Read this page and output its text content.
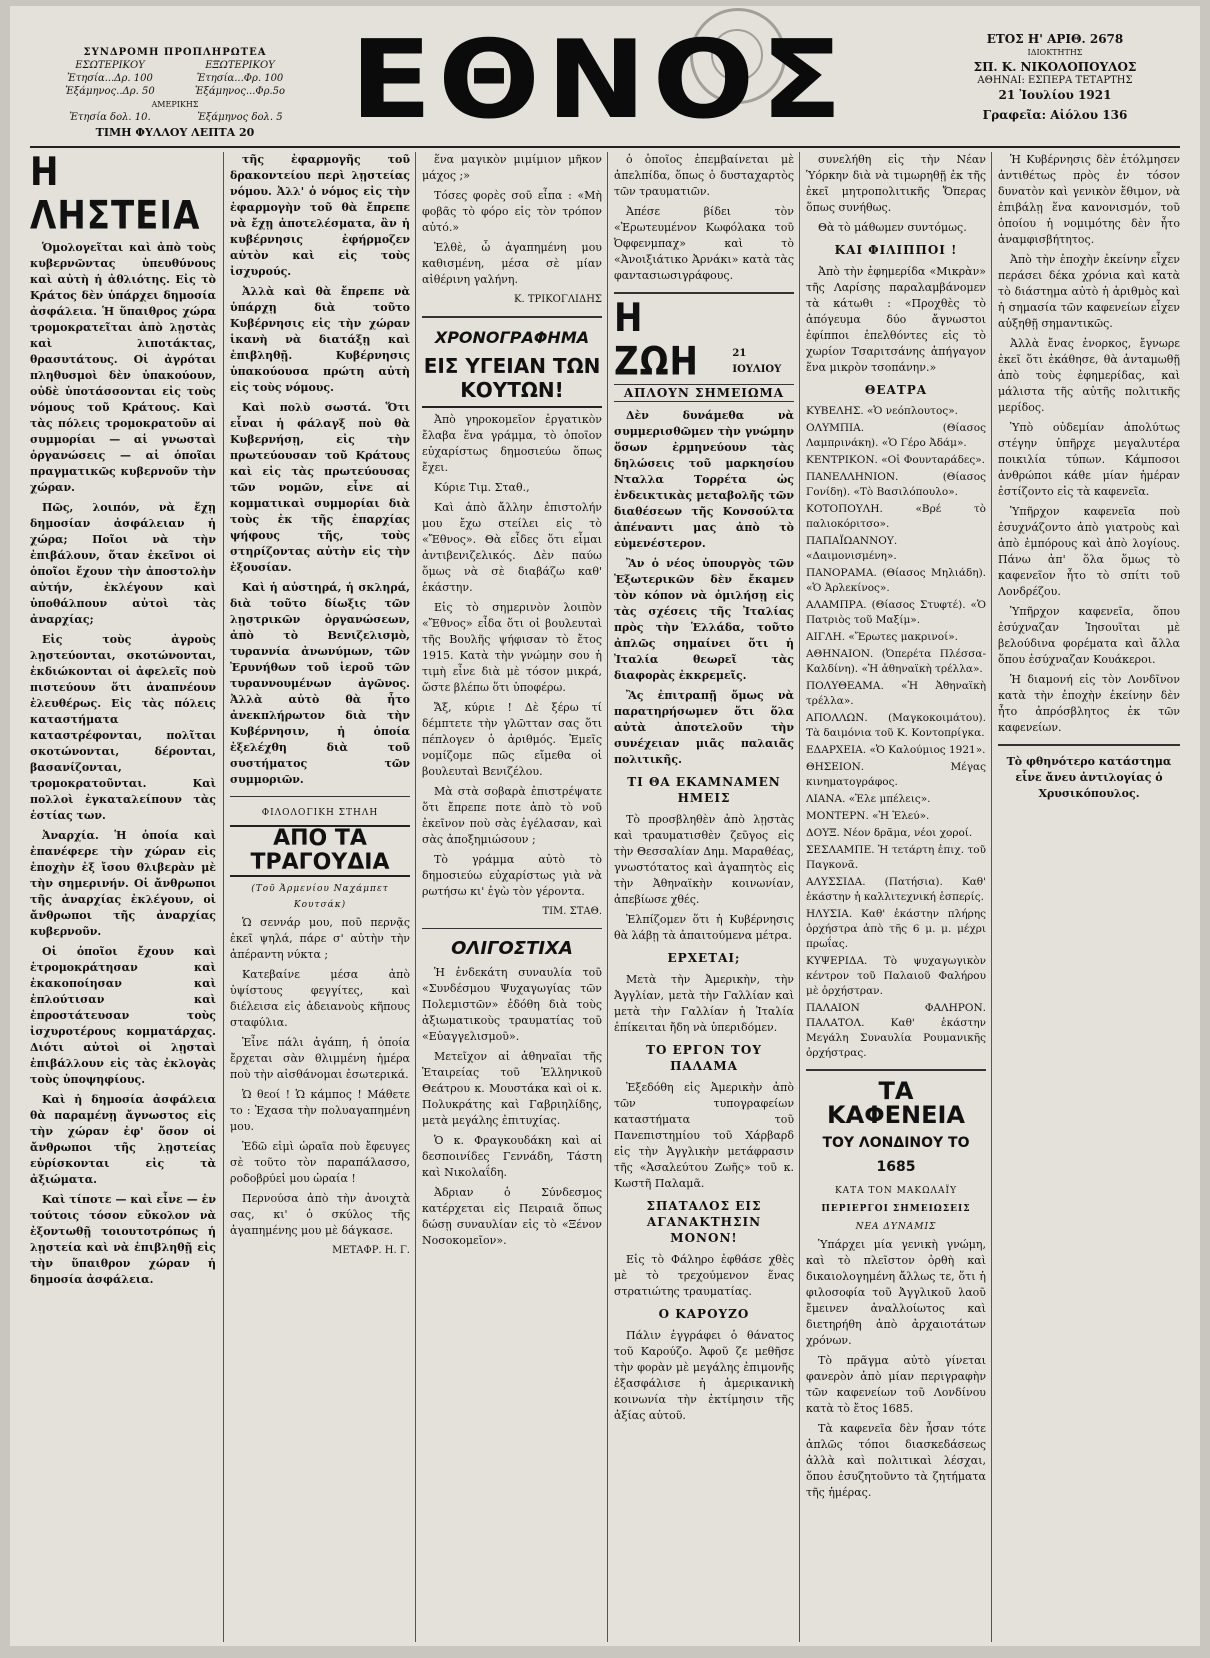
ΣΥΝΔΡΟΜΗ ΠΡΟΠΛΗΡΩΤΕΑ
ΕΣΩΤΕΡΙΚΟΥ	ΕΞΩΤΕΡΙΚΟΥ
Ἐτησία...Δρ. 100	Ἐτησία...Φρ. 100
Ἑξάμηνος..Δρ. 50	Ἑξάμηνος...Φρ.5ο
ΑΜΕΡΙΚΗΣ
Ἐτησία δολ. 10.	Ἑξάμηνος δολ. 5
ΤΙΜΗ ΦΥΛΛΟΥ ΛΕΠΤΑ 20 ΕΘΝΟΣ	ΕΤΟΣ Η' ΑΡΙΘ. 2678
ΙΔΙΟΚΤΗΤΗΣ
ΣΠ. Κ. ΝΙΚΟΛΟΠΟΥΛΟΣ
ΑΘΗΝΑΙ: ΕΣΠΕΡΑ ΤΕΤΑΡΤΗΣ
21 Ἰουλίου 1921
Γραφεῖα: Αἰόλου 136
Η ΛΗΣΤΕΙΑ

Ὁμολογεῖται καὶ ἀπὸ τοὺς κυβερνῶντας ὑπευθύνους καὶ αὐτὴ ἡ ἀθλιότης. Εἰς τὸ Κράτος δὲν ὑπάρχει δημοσία ἀσφάλεια. Ἡ ὕπαιθρος χώρα τρομοκρατεῖται ἀπὸ λῃστὰς καὶ λιποτάκτας, θρασυτάτους. Οἱ ἀγρόται πληθυσμοὶ δὲν ὑπακούουν, οὐδὲ ὑποτάσσονται εἰς τοὺς νόμους τοῦ Κράτους. Καὶ τὰς πόλεις τρομοκρατοῦν αἱ συμμορίαι — αἱ γνωσταὶ ὀργανώσεις — αἱ ὁποῖαι πραγματικῶς κυβερνοῦν τὴν χώραν.

Πῶς, λοιπόν, νὰ ἔχῃ δημοσίαν ἀσφάλειαν ἡ χώρα; Ποῖοι νὰ τὴν ἐπιβάλουν, ὅταν ἐκεῖνοι οἱ ὁποῖοι ἔχουν τὴν ἀποστολὴν αὐτήν, ἐκλέγουν καὶ ὑποθάλπουν αὐτοὶ τὰς ἀναρχίας;

Εἰς τοὺς ἀγροὺς λῃστεύονται, σκοτώνονται, ἐκδιώκονται οἱ ἀφελεῖς ποὺ πιστεύουν ὅτι ἀναπνέουν ἐλευθέρως. Εἰς τὰς πόλεις καταστήματα καταστρέφονται, πολῖται σκοτώνονται, δέρονται, βασανίζονται, τρομοκρατοῦνται. Καὶ πολλοὶ ἐγκαταλείπουν τὰς ἑστίας των.

Ἀναρχία. Ἡ ὁποία καὶ ἐπανέφερε τὴν χώραν εἰς ἐποχὴν ἐξ ἴσου θλιβερὰν μὲ τὴν σημερινήν. Οἱ ἄνθρωποι τῆς ἀναρχίας ἐκλέγουν, οἱ ἄνθρωποι τῆς ἀναρχίας κυβερνοῦν.

Οἱ ὁποῖοι ἔχουν καὶ ἐτρομοκράτησαν καὶ ἐκακοποίησαν καὶ ἐπλούτισαν καὶ ἐπροστάτευσαν τοὺς ἰσχυροτέρους κομματάρχας. Διότι αὐτοὶ οἱ λῃσταὶ ἐπιβάλλουν εἰς τὰς ἐκλογὰς τοὺς ὑποψηφίους.

Καὶ ἡ δημοσία ἀσφάλεια θὰ παραμένῃ ἄγνωστος εἰς τὴν χώραν ἐφ' ὅσον οἱ ἄνθρωποι τῆς λῃστείας εὑρίσκονται εἰς τὰ ἀξιώματα.

Καὶ τίποτε — καὶ εἶνε — ἐν τούτοις τόσον εὔκολον νὰ ἐξοντωθῇ τοιουτοτρόπως ἡ λῃστεία καὶ νὰ ἐπιβληθῇ εἰς τὴν ὕπαιθρον χώραν ἡ δημοσία ἀσφάλεια.

τῆς ἐφαρμογῆς τοῦ δρακοντείου περὶ λῃστείας νόμου. Ἀλλ' ὁ νόμος εἰς τὴν ἐφαρμογὴν τοῦ θὰ ἔπρεπε νὰ ἔχῃ ἀποτελέσματα, ἂν ἡ κυβέρνησις ἐφήρμοζεν αὐτὸν καὶ εἰς τοὺς ἰσχυρούς.

Ἀλλὰ καὶ θὰ ἔπρεπε νὰ ὑπάρχῃ διὰ τοῦτο Κυβέρνησις εἰς τὴν χώραν ἱκανὴ νὰ διατάξῃ καὶ ἐπιβληθῇ. Κυβέρνησις ὑπακούουσα πρώτη αὐτὴ εἰς τοὺς νόμους.

Καὶ πολὺ σωστά. Ὅτι εἶναι ἡ φάλαγξ ποὺ θὰ Κυβερνήσῃ, εἰς τὴν πρωτεύουσαν τοῦ Κράτους καὶ εἰς τὰς πρωτεύουσας τῶν νομῶν, εἶνε αἱ κομματικαὶ συμμορίαι διὰ τοὺς ἐκ τῆς ἐπαρχίας ψήφους τῆς, τοὺς στηρίζοντας αὐτὴν εἰς τὴν ἐξουσίαν.

Καὶ ἡ αὐστηρά, ἡ σκληρά, διὰ τοῦτο δίωξις τῶν λῃστρικῶν ὀργανώσεων, ἀπὸ τὸ Βενιζελισμὸ, τυραννία ἀνωνύμων, τῶν Ἐρυνήθων τοῦ ἱεροῦ τῶν τυραννουμένων ἀγῶνος. Ἀλλὰ αὐτὸ θὰ ἦτο ἀνεκπλήρωτον διὰ τὴν Κυβέρνησιν, ἡ ὁποία ἐξελέχθη διὰ τοῦ συστήματος τῶν συμμοριῶν.

ΦΙΛΟΛΟΓΙΚΗ ΣΤΗΛΗ
ΑΠΟ ΤΑ ΤΡΑΓΟΥΔΙΑ
(Τοῦ Ἀρμενίου Ναχάμπετ Κουτσάκ)

Ὡ σεννάρ μου, ποῦ περνᾷς ἐκεῖ ψηλά, πάρε σ' αὐτὴν τὴν ἀπέραντη νύκτα ;

Κατεβαίνε μέσα ἀπὸ ὑψίστους φεγγίτες, καὶ διέλεισα εἰς ἀδειανοὺς κῆπους σταφύλια.

Ἐἶνε πάλι ἀγάπη, ἡ ὁποία ἔρχεται σὰν θλιμμένη ἡμέρα ποὺ τὴν αἰσθάνομαι ἐσωτερικά.

Ὡ θεοί ! Ὡ κάμπος ! Μάθετε το : Ἐχασα τὴν πολυαγαπημένη μου.

Ἐδῶ εἰμὶ ὡραῖα ποὺ ἔφευγες σὲ τοῦτο τὸν παραπάλασσο, ροδοβρύεἰ μου ὡραία !

Περνούσα ἀπὸ τὴν ἀνοιχτὰ σας, κι' ὁ σκύλος τῆς ἀγαπημένης μου μὲ δάγκασε.

ΜΕΤΑΦΡ. Η. Γ.

ἕνα μαγικὸν μιμίμιον μῆκον μάχος ;»

Τόσες φορὲς σοῦ εἶπα : «Μὴ φοβᾶς τὸ φόρο εἰς τὸν τρόπον αὐτό.»

Ἐλθὲ, ὦ ἀγαπημένη μου καθισμένη, μέσα σὲ μίαν αἰθέρινη γαλήνη.

Κ. ΤΡΙΚΟΓΛΙΔΗΣ
ΧΡΟΝΟΓΡΑΦΗΜΑ
ΕΙΣ ΥΓΕΙΑΝ ΤΩΝ ΚΟΥΤΩΝ!

Ἀπὸ γηροκομεῖον ἐργατικὸν ἔλαβα ἕνα γράμμα, τὸ ὁποῖον εὐχαρίστως δημοσιεύω ὅπως ἔχει.

Κύριε Τιμ. Σταθ.,

Καὶ ἀπὸ ἄλλην ἐπιστολήν μου ἔχω στείλει εἰς τὸ «Ἔθνος». Θὰ εἶδες ὅτι εἶμαι ἀντιβενιζελικός. Δὲν παύω ὅμως νὰ σὲ διαβάζω καθ' ἑκάστην.

Εἰς τὸ σημερινὸν λοιπὸν «Ἔθνος» εἶδα ὅτι οἱ βουλευταὶ τῆς Βουλῆς ψήφισαν τὸ ἔτος 1915. Κατὰ τὴν γνώμην σου ἡ τιμὴ εἶνε διὰ μὲ τόσον μικρά, ὥστε βλέπω ὅτι ὑποφέρω.

Ἄξ, κύριε ! Δὲ ξέρω τί δέμπτετε τὴν γλῶτταν σας ὅτι πέπλογεν ὁ ἀριθμός. Ἐμεῖς νομίζομε πῶς εἴμεθα οἱ βουλευταὶ Βενιζέλου.

Μὰ στὰ σοβαρὰ ἐπιστρέψατε ὅτι ἔπρεπε ποτε ἀπὸ τὸ νοῦ ἐκεῖνον ποὺ σὰς ἐγέλασαν, καὶ σὰς ἀποξημιώσουν ;

Τὸ γράμμα αὐτὸ τὸ δημοσιεύω εὐχαρίστως γιὰ νὰ ρωτήσω κι' ἐγὼ τὸν γέροντα.

ΤΙΜ. ΣΤΑΘ.
ΟΛΙΓΟΣΤΙΧΑ

Ἡ ἐνδεκάτη συναυλία τοῦ «Συνδέσμου Ψυχαγωγίας τῶν Πολεμιστῶν» ἐδόθη διὰ τοὺς ἀξιωματικοὺς τραυματίας τοῦ «Εὐαγγελισμοῦ».

Μετεῖχον αἱ ἀθηναῖαι τῆς Ἑταιρείας τοῦ Ἑλληνικοῦ Θεάτρου κ. Μουστάκα καὶ οἱ κ. Πολυκράτης καὶ Γαβριηλίδης, μετὰ μεγάλης ἐπιτυχίας.

Ὁ κ. Φραγκουδάκη καὶ αἱ δεσποινίδες Γεννάδη, Τάστη καὶ Νικολαΐδη.

Ἀδριαν ὁ Σύνδεσμος κατέρχεται εἰς Πειραιᾶ ὅπως δώσῃ συναυλίαν εἰς τὸ «Ξένον Νοσοκομεῖον».

ὁ ὁποῖος ἐπεμβαίνεται μὲ ἀπελπίδα, ὅπως ὁ δυσταχαρτὸς τῶν τραυματιῶν.

Ἀπέσε βίδει τὸν «Ἐρωτευμένον Κωφόλακα τοῦ Ὀφφενμπαχ» καὶ τὸ «Ἀνοιξιάτικο Ἀρνάκι» κατὰ τὰς φαντασιωσιγράφους.

Η ΖΩΗ	21 ΙΟΥΛΙΟΥ
ΑΠΛΟΥΝ ΣΗΜΕΙΩΜΑ

Δὲν δυνάμεθα νὰ συμμερισθῶμεν τὴν γνώμην ὅσων ἐρμηνεύουν τὰς δηλώσεις τοῦ μαρκησίου Νταλλα Τορρέτα ὡς ἐνδεικτικὰς μεταβολῆς τῶν διαθέσεων τῆς Κονσούλτα ἀπέναντι μας ἀπὸ τὸ εὐμενέστερον.

Ἂν ὁ νέος ὑπουργὸς τῶν Ἐξωτερικῶν δὲν ἔκαμεν τὸν κόπον νὰ ὁμιλήσῃ εἰς τὰς σχέσεις τῆς Ἰταλίας πρὸς τὴν Ἑλλάδα, τοῦτο ἀπλῶς σημαίνει ὅτι ἡ Ἰταλία θεωρεῖ τὰς διαφορὰς ἐκκρεμεῖς.

Ἂς ἐπιτραπῇ ὅμως νὰ παρατηρήσωμεν ὅτι ὅλα αὐτὰ ἀποτελοῦν τὴν συνέχειαν μιᾶς παλαιᾶς πολιτικῆς.

ΤΙ ΘΑ ΕΚΑΜΝΑΜΕΝ ΗΜΕΙΣ

Τὸ προσβληθὲν ἀπὸ λῃστὰς καὶ τραυματισθὲν ζεῦγος εἰς τὴν Θεσσαλίαν Δημ. Μαραθέας, γνωστότατος καὶ ἀγαπητὸς εἰς τὴν Ἀθηναϊκὴν κοινωνίαν, ἀπεβίωσε χθές.

Ἐλπίζομεν ὅτι ἡ Κυβέρνησις θὰ λάβῃ τὰ ἀπαιτούμενα μέτρα.

ΕΡΧΕΤΑΙ;

Μετὰ τὴν Ἀμερικὴν, τὴν Ἀγγλίαν, μετὰ τὴν Γαλλίαν καὶ μετὰ τὴν Γαλλίαν ἡ Ἰταλία ἐπίκειται ἤδη νὰ ὑπεριδόμεν.

ΤΟ ΕΡΓΟΝ ΤΟΥ ΠΑΛΑΜΑ

Ἐξεδόθη εἰς Ἀμερικὴν ἀπὸ τῶν τυπογραφείων καταστήματα τοῦ Πανεπιστημίου τοῦ Χάρβαρδ εἰς τὴν Ἀγγλικὴν μετάφρασιν τῆς «Ἀσαλεύτου Ζωῆς» τοῦ κ. Κωστῆ Παλαμᾶ.

ΣΠΑΤΑΛΟΣ ΕΙΣ ΑΓΑΝΑΚΤΗΣΙΝ ΜΟΝΟΝ!

Εἰς τὸ Φάληρο ἐφθάσε χθὲς μὲ τὸ τρεχούμενον ἕνας στρατιώτης τραυματίας.

Ο ΚΑΡΟΥΖΟ

Πάλιν ἐγγράφει ὁ θάνατος τοῦ Καρούζο. Ἀφοῦ ζε μεθῆσε τὴν φορὰν μὲ μεγάλης ἐπιμονῆς ἐξασφάλισε ἡ ἀμερικανικὴ κοινωνία τὴν ἐκτίμησιν τῆς ἀξίας αὐτοῦ.

συνελήθη εἰς τὴν Νέαν Ὑόρκην διὰ νὰ τιμωρηθῇ ἐκ τῆς ἐκεῖ μητροπολιτικῆς Ὄπερας ὅπως συνήθως.

Θὰ τὸ μάθωμεν συντόμως.

ΚΑΙ ΦΙΛΙΠΠΟΙ !

Ἀπὸ τὴν ἐφημερίδα «Μικρὰν» τῆς Λαρίσης παραλαμβάνομεν τὰ κάτωθι : «Προχθὲς τὸ ἀπόγευμα δύο ἄγνωστοι ἐφίπποι ἐπελθόντες εἰς τὸ χωρίον Τσαριτσάνης ἀπήγαγον ἕνα μικρὸν τσοπάνην.»

ΘΕΑΤΡΑ
ΚΥΒΕΛΗΣ. «Ὁ νεόπλουτος».
ΟΛΥΜΠΙΑ. (Θίασος Λαμπρινάκη). «Ὁ Γέρο Ἀδάμ».
ΚΕΝΤΡΙΚΟΝ. «Οἱ Φουνταράδες».
ΠΑΝΕΛΛΗΝΙΟΝ. (Θίασος Γονίδη). «Τὸ Βασιλόπουλο».
ΚΟΤΟΠΟΥΛΗ. «Βρέ τὸ παλιοκόριτσο».
ΠΑΠΑΪΩΑΝΝΟΥ. «Δαιμονισμένη».
ΠΑΝΟΡΑΜΑ. (Θίασος Μηλιάδη). «Ὁ Ἀρλεκίνος».
ΑΛΑΜΠΡΑ. (Θίασος Στυφτέ). «Ὁ Πατριὸς τοῦ Μαξίμ».
ΑΙΓΛΗ. «Ἔρωτες μακρινοί».
ΑΘΗΝΑΙΟΝ. (Ὀπερέτα Πλέσσα-Καλδίνη). «Ἡ ἀθηναϊκὴ τρέλλα».
ΠΟΛΥΘΕΑΜΑ. «Ἡ Ἀθηναϊκὴ τρέλλα».
ΑΠΟΛΛΩΝ. (Μαγκοκοιμάτου). Τὰ δαιμόνια τοῦ Κ. Κοντοπρίγκα.
ΕΔΑΡΧΕΙΑ. «Ὁ Καλούμιος 1921».
ΘΗΣΕΙΟΝ. Μέγας κινηματογράφος.
ΛΙΑΝΑ. «Ἑλε μπέλεις».
ΜΟΝΤΕΡΝ. «Ἡ Ἑλεύ».
ΔΟΥΞ. Νέον δρᾶμα, νέοι χοροί.
ΣΕΣΛΑΜΠΕ. Ἡ τετάρτη ἐπιχ. τοῦ Παγκονᾶ.
ΑΛΥΣΣΙΔΑ. (Πατήσια). Καθ' ἑκάστην ἡ καλλιτεχνική ἑσπερίς.
ΗΛΥΣΙΑ. Καθ' ἑκάστην πλήρης ὀρχήστρα ἀπὸ τῆς 6 μ. μ. μέχρι πρωΐας.
ΚΥΨΕΡΙΔΑ. Τὸ ψυχαγωγικὸν κέντρον τοῦ Παλαιοῦ Φαλήρου μὲ ὀρχήστραν.
ΠΑΛΑΙΟΝ ΦΑΛΗΡΟΝ. ΠΑΛΑΤΟΛ. Καθ' ἑκάστην Μεγάλη Συναυλία Ρουμανικῆς ὀρχήστρας.
ΤΑ ΚΑΦΕΝΕΙΑ
ΤΟΥ ΛΟΝΔΙΝΟΥ ΤΟ 1685
ΚΑΤΑ ΤΟΝ ΜΑΚΩΛΑΪΥ
ΠΕΡΙΕΡΓΟΙ ΣΗΜΕΙΩΣΕΙΣ
ΝΕΑ ΔΥΝΑΜΙΣ

Ὑπάρχει μία γενικὴ γνώμη, καὶ τὸ πλεῖστον ὀρθὴ καὶ δικαιολογημένη ἄλλως τε, ὅτι ἡ φιλοσοφία τοῦ Ἀγγλικοῦ λαοῦ ἔμεινεν ἀναλλοίωτος καὶ διετηρήθη ἀπὸ ἀρχαιοτάτων χρόνων.

Τὸ πρᾶγμα αὐτὸ γίνεται φανερὸν ἀπὸ μίαν περιγραφὴν τῶν καφενείων τοῦ Λονδίνου κατὰ τὸ ἔτος 1685.

Τὰ καφενεῖα δὲν ἦσαν τότε ἁπλῶς τόποι διασκεδάσεως ἀλλὰ καὶ πολιτικαὶ λέσχαι, ὅπου ἐσυζητοῦντο τὰ ζητήματα τῆς ἡμέρας.

Ἡ Κυβέρνησις δὲν ἐτόλμησεν ἀντιθέτως πρὸς ἐν τόσον δυνατὸν καὶ γενικὸν ἔθιμον, νὰ ἐπιβάλῃ ἕνα κανονισμόν, τοῦ ὁποίου ἡ νομιμότης δὲν ἦτο ἀναμφισβήτητος.

Ἀπὸ τὴν ἐποχὴν ἐκείνην εἶχεν περάσει δέκα χρόνια καὶ κατὰ τὸ διάστημα αὐτὸ ἡ ἀριθμὸς καὶ ἡ σημασία τῶν καφενείων εἶχεν αὐξηθῇ σημαντικῶς.

Ἀλλὰ ἔνας ἐνορκος, ἔγνωρε ἐκεῖ ὅτι ἐκάθησε, θὰ ἀνταμωθῇ ἀπὸ τοὺς ἐφημερίδας, καὶ μάλιστα τῆς αὐτῆς πολιτικῆς μερίδος.

Ὑπὸ οὐδεμίαν ἀπολύτως στέγην ὑπῆρχε μεγαλυτέρα ποικιλία τύπων. Κάμποσοι ἀνθρώποι κάθε μίαν ἡμέραν ἐστίζοντο εἰς τὰ καφενεῖα.

Ὑπῆρχον καφενεῖα ποὺ ἐσυχνάζοντο ἀπὸ γιατροὺς καὶ ἀπὸ ἐμπόρους καὶ ἀπὸ λογίους. Πάνω ἀπ' ὅλα ὅμως τὸ καφενεῖον ἦτο τὸ σπίτι τοῦ Λονδρέζου.

Ὑπῆρχον καφενεῖα, ὅπου ἐσύχναζαν Ἰησουῖται μὲ βελούδινα φορέματα καὶ ἄλλα ὅπου ἐσύχναζαν Κουάκεροι.

Ἡ διαμονή εἰς τὸν Λονδῖνον κατὰ τὴν ἐποχὴν ἐκείνην δὲν ἦτο ἀπρόσβλητος ἐκ τῶν καφενείων.

Τὸ φθηνότερο κατάστημα εἶνε ἄνευ ἀντιλογίας ὁ Χρυσικόπουλος.
